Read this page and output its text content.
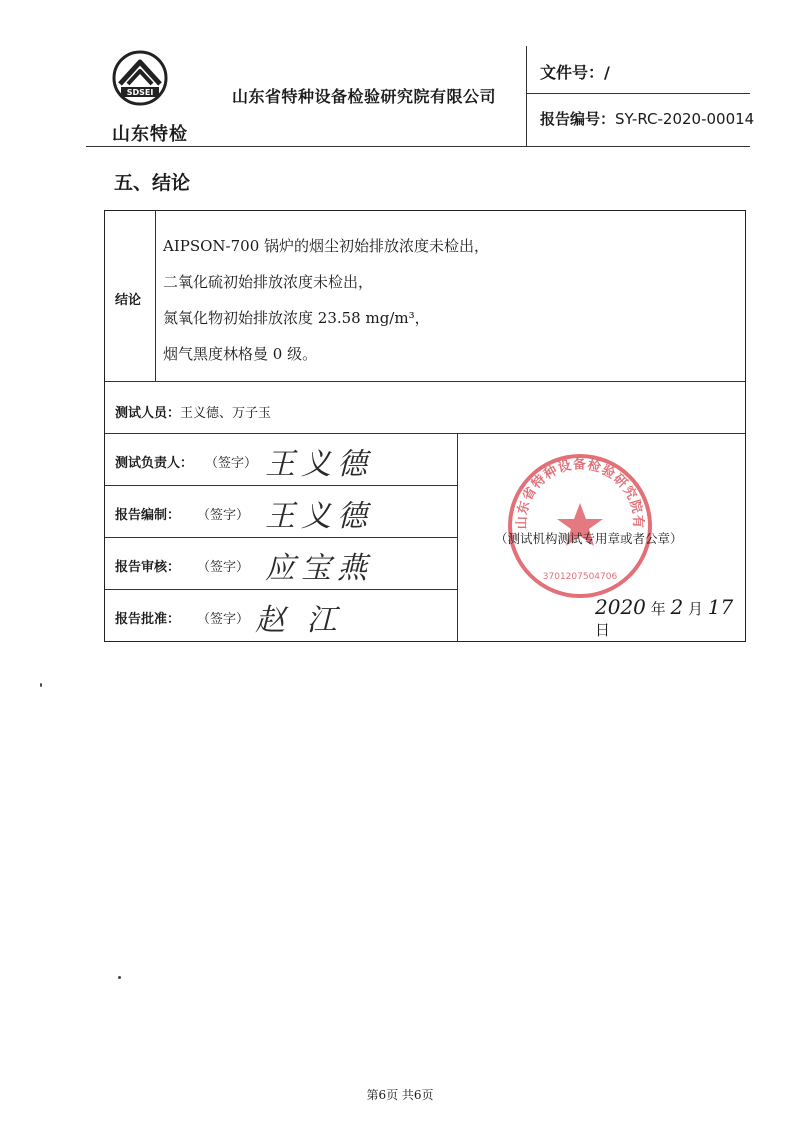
SDSEI
山东特检
山东省特种设备检验研究院有限公司
文件号：/
报告编号：SY-RC-2020-00014
五、结论
结论
AIPSON-700 锅炉的烟尘初始排放浓度未检出，
二氧化硫初始排放浓度未检出，
氮氧化物初始排放浓度 23.58 mg/m³，
烟气黑度林格曼 0 级。
测试人员：王义德、万子玉
测试负责人： （签字） 王义德
报告编制： （签字） 王义德
报告审核： （签字） 应宝燕
报告批准： （签字） 赵 江
山东省特种设备检验研究院有
3701207504706
（测试机构测试专用章或者公章）
2020 年 2 月 17 日
第6页 共6页
